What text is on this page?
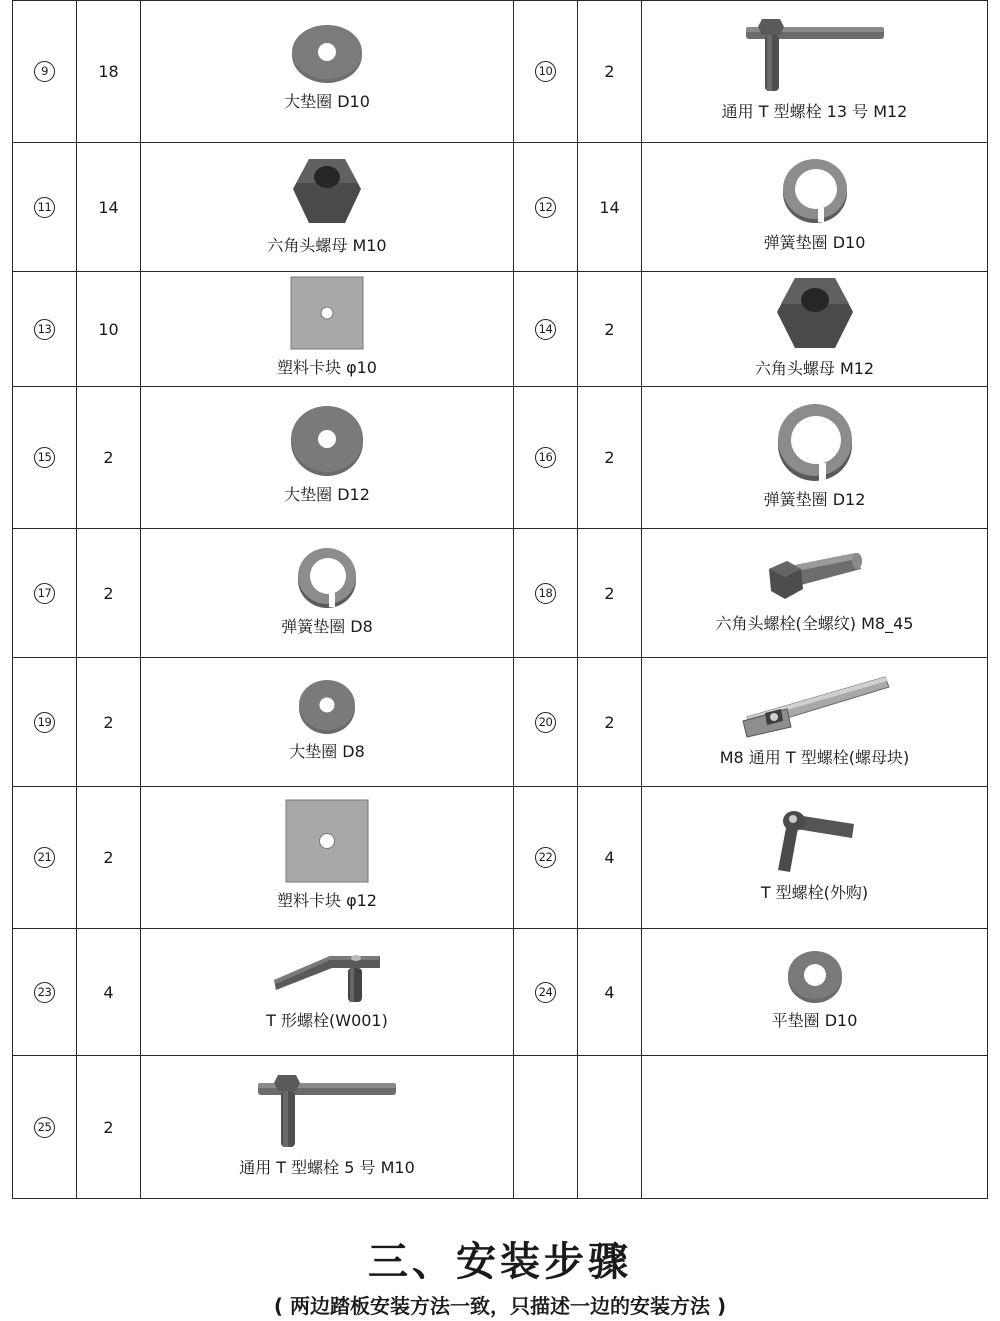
9	18	大垫圈 D10	10	2	通用 T 型螺栓 13 号 M12

11	14	六角头螺母 M10	12	14	弹簧垫圈 D10

13	10	塑料卡块 φ10	14	2	六角头螺母 M12

15	2	大垫圈 D12	16	2	弹簧垫圈 D12

17	2	弹簧垫圈 D8	18	2	六角头螺栓(全螺纹) M8_45

19	2	大垫圈 D8	20	2	M8 通用 T 型螺栓(螺母块)

21	2	塑料卡块 φ12	22	4	T 型螺栓(外购)

23	4	T 形螺栓(W001)	24	4	平垫圈 D10

25	2	通用 T 型螺栓 5 号 M10			

三、安装步骤
( 两边踏板安装方法一致，只描述一边的安装方法 )
